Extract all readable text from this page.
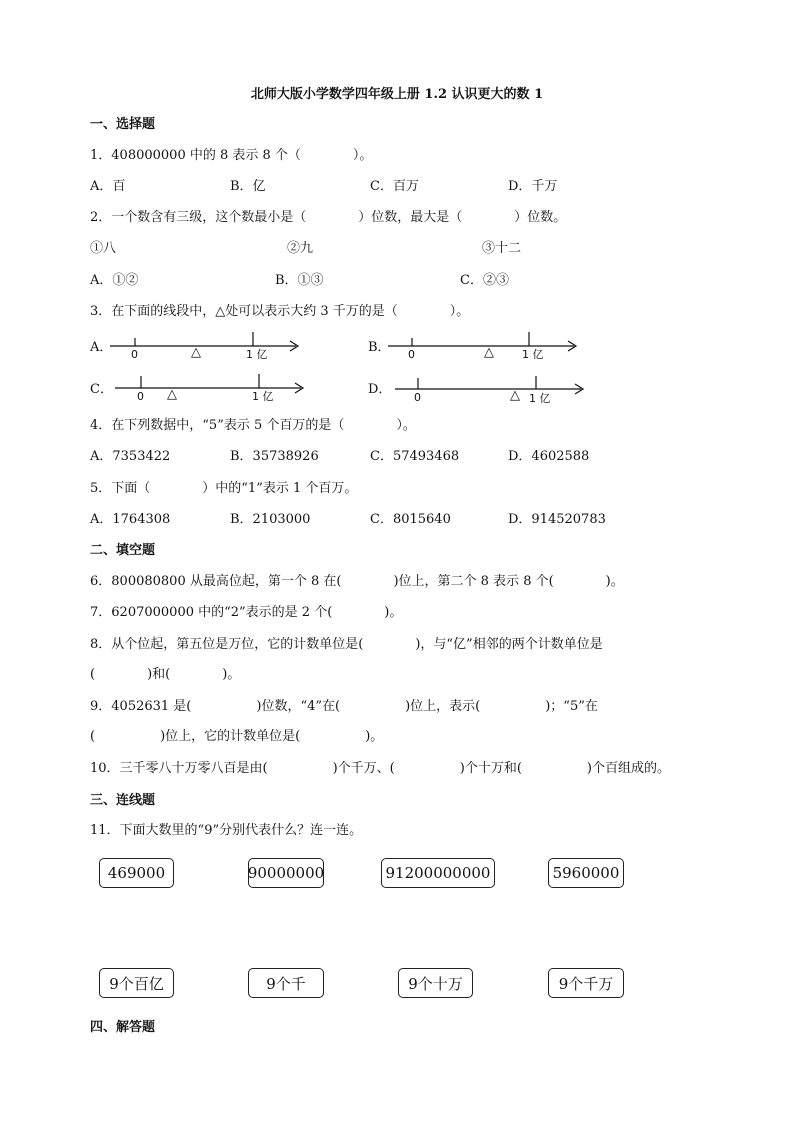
北师大版小学数学四年级上册 1.2 认识更大的数 1
一、选择题
1．408000000 中的 8 表示 8 个（　　　　）。
A．百	B．亿	C．百万	D．千万
2．一个数含有三级，这个数最小是（　　　　）位数，最大是（　　　　）位数。
①八	②九	③十二
A．①②	B．①③	C．②③
3．在下面的线段中，△处可以表示大约 3 千万的是（　　　　）。
A． 0	1 亿
△	B． 0	1 亿
△
C． 0	1 亿
△	D．
0	1 亿
△
4．在下列数据中，“5”表示 5 个百万的是（　　　　）。
A．7353422	B．35738926	C．57493468	D．4602588
5．下面（　　　　）中的“1”表示 1 个百万。
A．1764308	B．2103000	C．8015640	D．914520783
二、填空题
6．800080800 从最高位起，第一个 8 在(　　　　)位上，第二个 8 表示 8 个(　　　　)。
7．6207000000 中的“2”表示的是 2 个(　　　　)。
8．从个位起，第五位是万位，它的计数单位是(　　　　)，与“亿”相邻的两个计数单位是
(　　　　)和(　　　　)。
9．4052631 是(　　　　　)位数，“4”在(　　　　　)位上，表示(　　　　　)；“5”在
(　　　　　)位上，它的计数单位是(　　　　　)。
10．三千零八十万零八百是由(　　　　　)个千万、(　　　　　)个十万和(　　　　　)个百组成的。
三、连线题
11．下面大数里的“9”分别代表什么？连一连。
469000	90000000	91200000000	5960000
9个百亿	9个千	9个十万	9个千万
四、解答题
